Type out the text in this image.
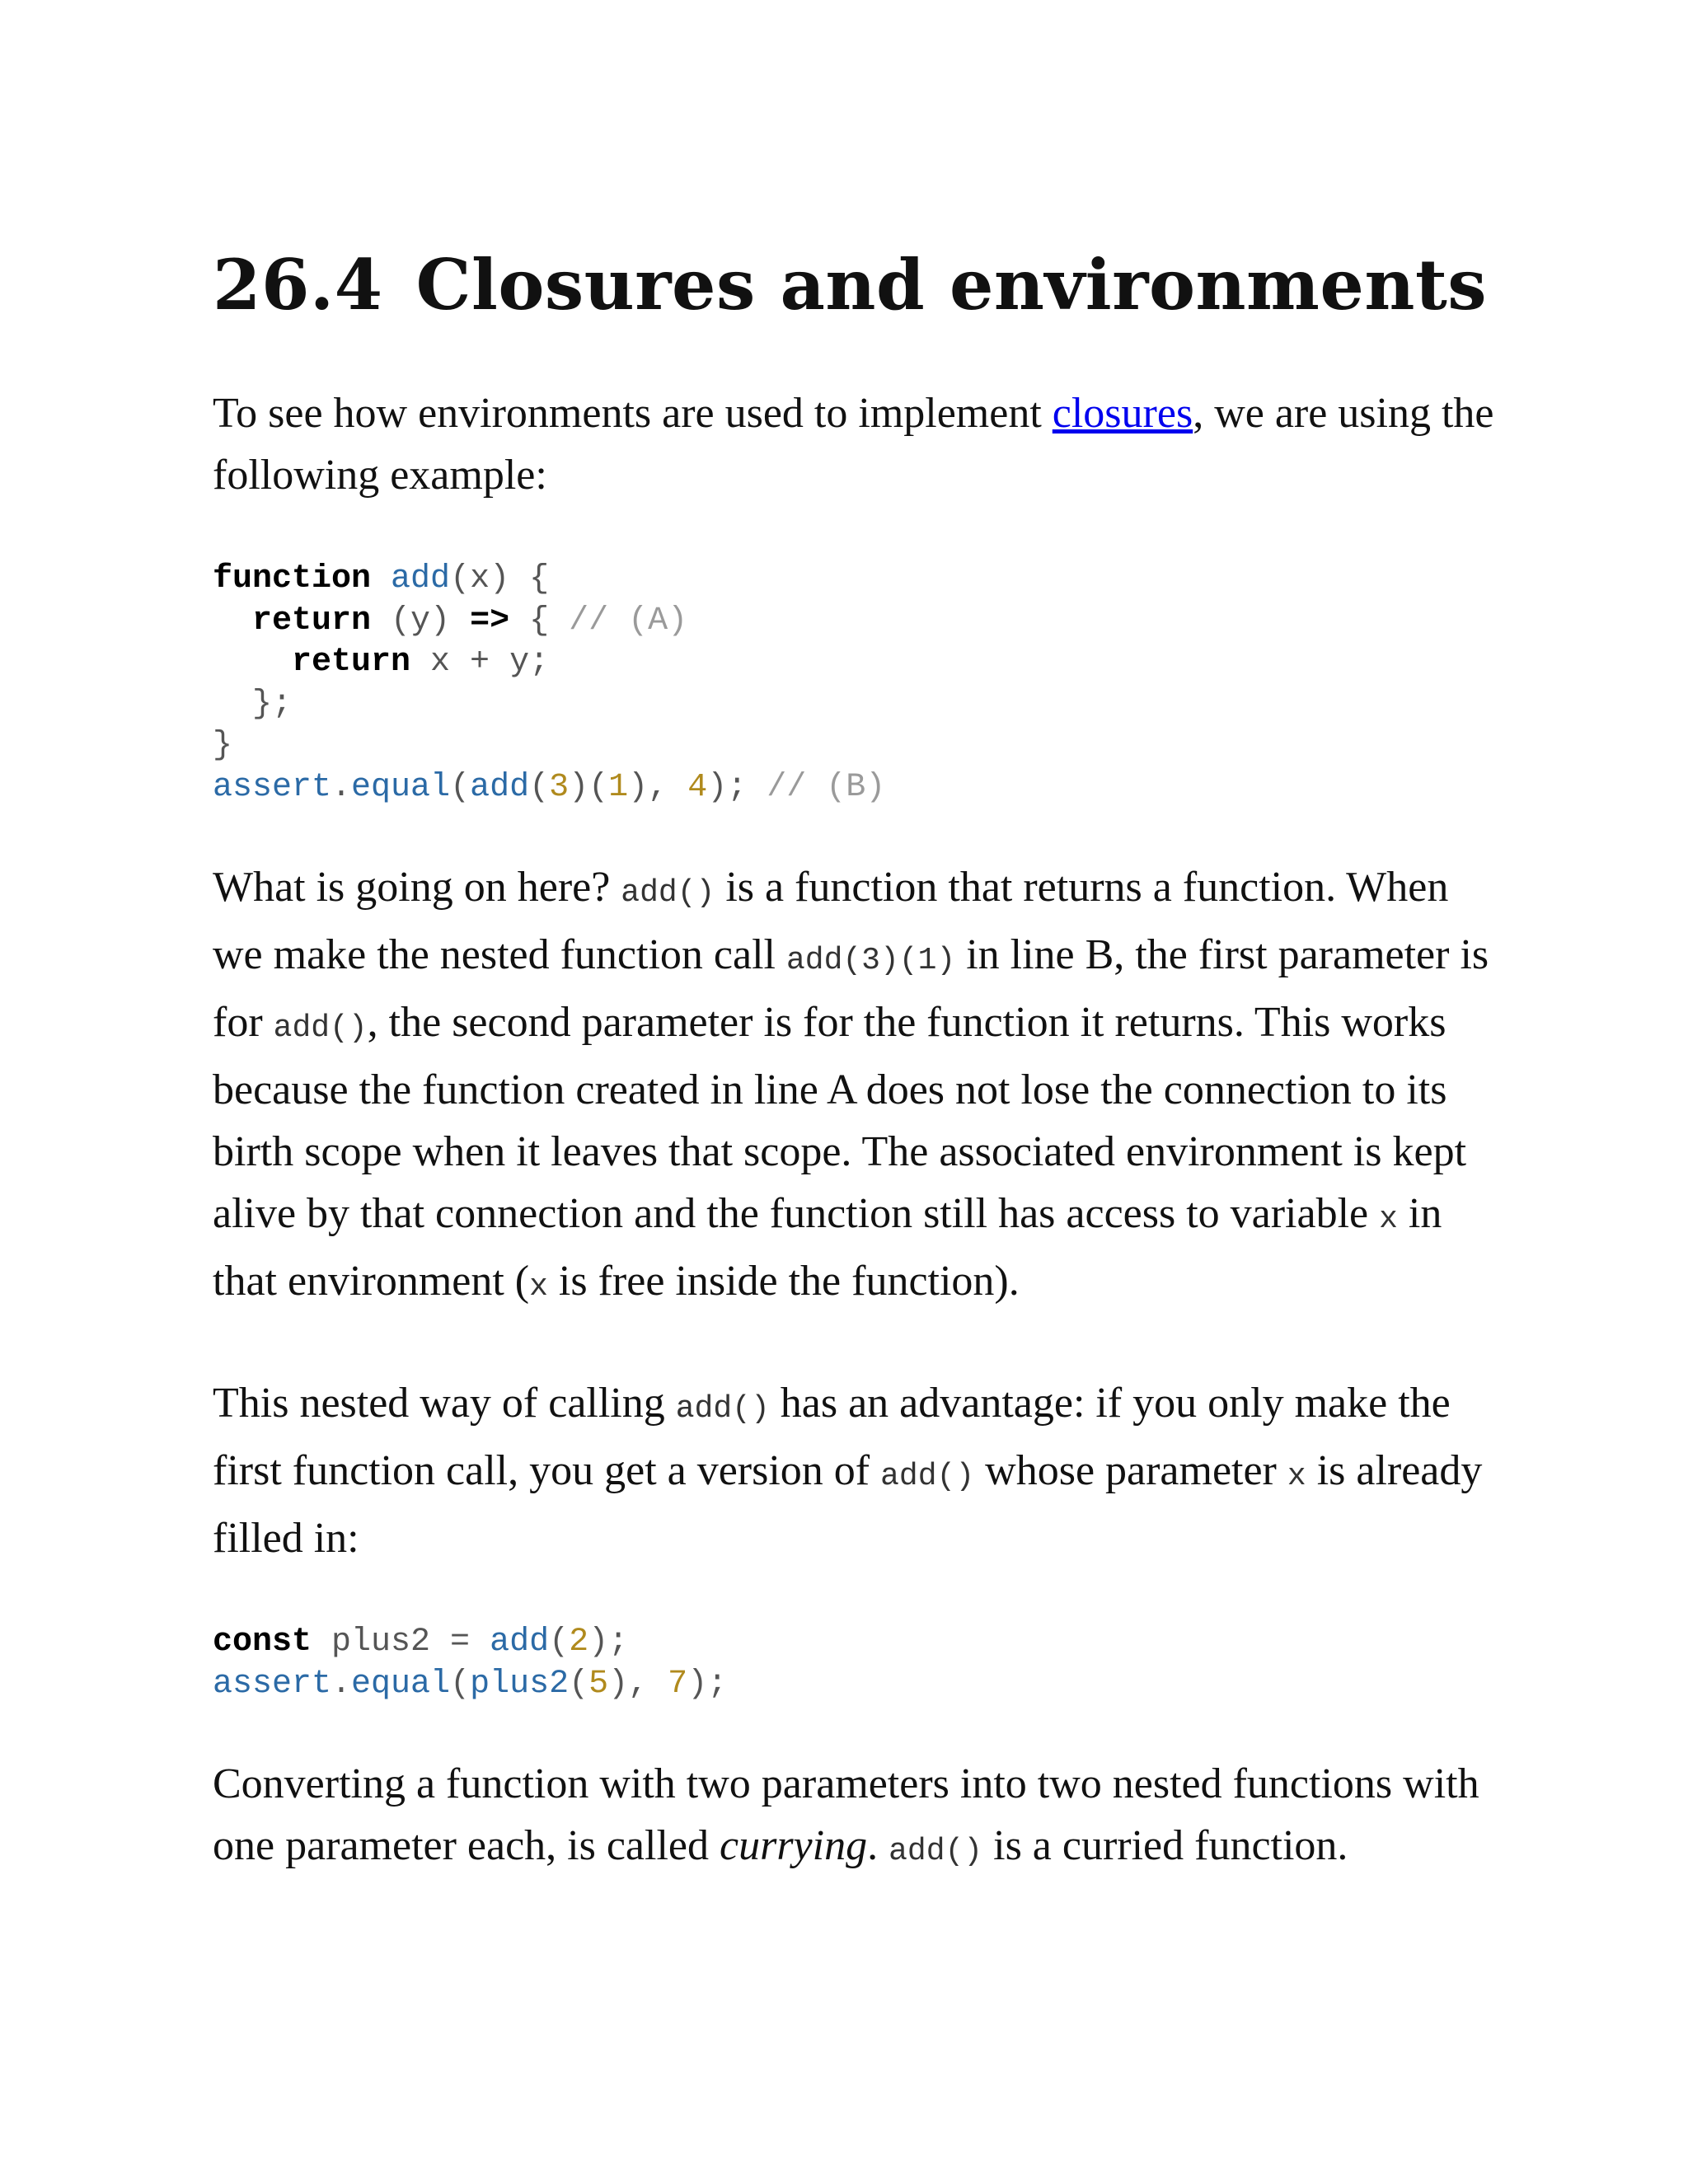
26.4 Closures and environments

To see how environments are used to implement closures, we are using the following example:

function add(x) {
return (y) => { // (A)
return x + y;
};
}
assert.equal(add(3)(1), 4); // (B)

What is going on here? add() is a function that returns a function. When we make the nested function call add(3)(1) in line B, the first parameter is for add(), the second parameter is for the function it returns. This works because the function created in line A does not lose the connection to its birth scope when it leaves that scope. The associated environment is kept alive by that connection and the function still has access to variable x in that environment (x is free inside the function).

This nested way of calling add() has an advantage: if you only make the first function call, you get a version of add() whose parameter x is already filled in:

const plus2 = add(2);
assert.equal(plus2(5), 7);

Converting a function with two parameters into two nested functions with one parameter each, is called currying. add() is a curried function.
